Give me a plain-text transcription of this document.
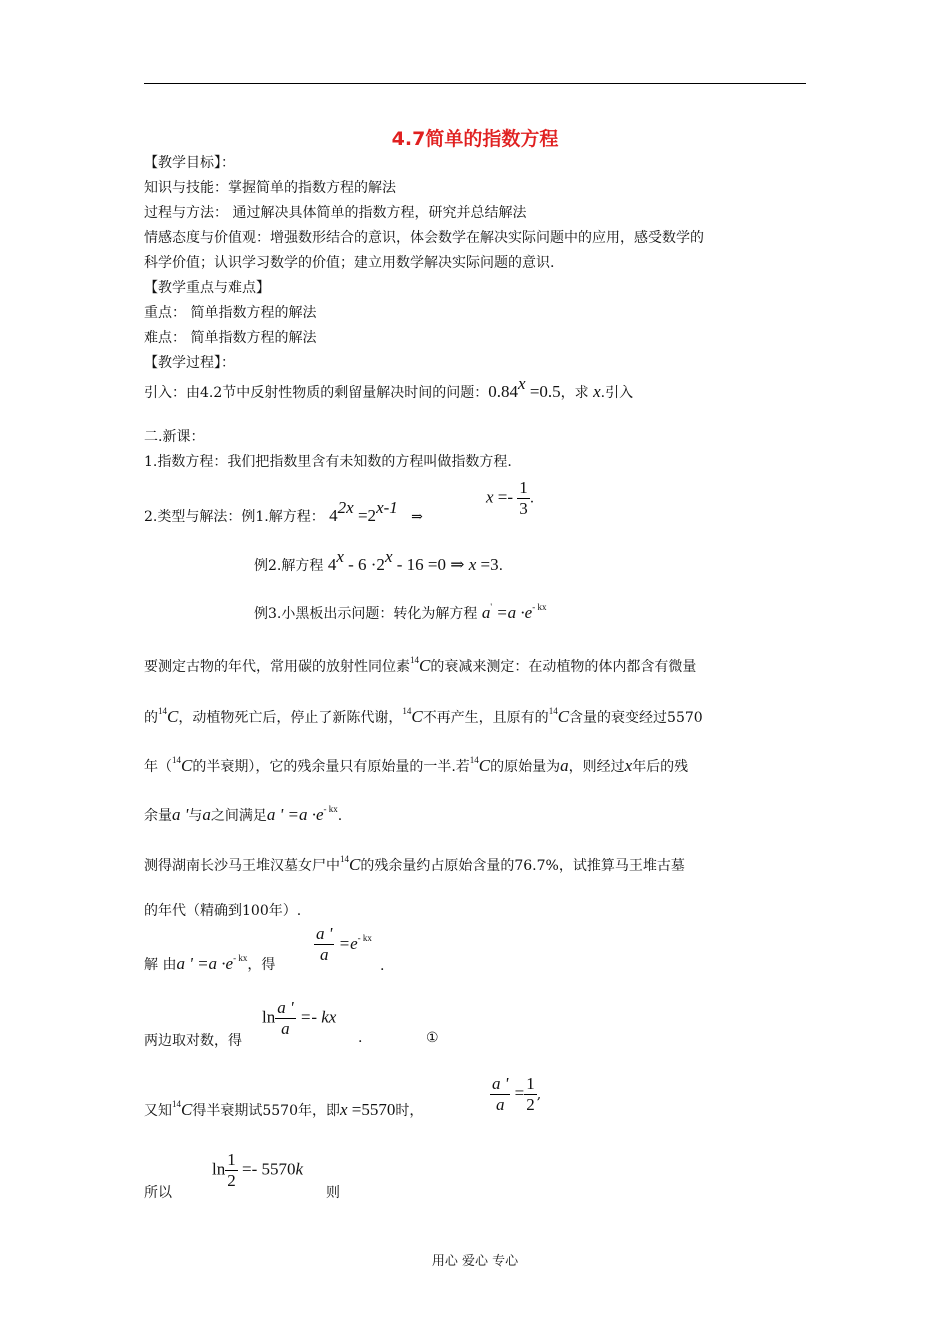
4.7简单的指数方程
【教学目标】：
知识与技能：掌握简单的指数方程的解法
过程与方法： 通过解决具体简单的指数方程，研究并总结解法
情感态度与价值观：增强数形结合的意识，体会数学在解决实际问题中的应用，感受数学的
科学价值；认识学习数学的价值；建立用数学解决实际问题的意识.
【教学重点与难点】
重点： 简单指数方程的解法
难点： 简单指数方程的解法
【教学过程】：
引入：由4.2节中反射性物质的剩留量解决时间的问题：$0.84^x =0.5$，求 x.引入
二.新课：
1.指数方程：我们把指数里含有未知数的方程叫做指数方程.
2.类型与解法：例1.解方程： $4^{2x} =2^{x-1}$   ⇒
$x =- \frac{1}{3}$ .
例2.解方程 $4^x - 6 \cdot 2^x - 16 =0$ ⇒ x =3.
例3.小黑板出示问题：转化为解方程 $a' =a \cdot e^{- kx}$
要测定古物的年代，常用碳的放射性同位素$^{14}$C的衰减来测定：在动植物的体内都含有微量
的$^{14}$C，动植物死亡后，停止了新陈代谢，$^{14}$C不再产生，且原有的$^{14}$C含量的衰变经过5570
年（$^{14}$C的半衰期），它的残余量只有原始量的一半.若$^{14}$C的原始量为a，则经过x年后的残
余量a '与a之间满足a ' $=a \cdot e^{- kx}$.
测得湖南长沙马王堆汉墓女尸中$^{14}$C的残余量约占原始含量的76.7%，试推算马王堆古墓
的年代（精确到100年）.
解 由a ' $=a \cdot e^{- kx}$，得 $\frac{a '}{a} =e^{- kx}$
.
两边取对数，得
$\ln \frac{a '}{a}$ =- kx
.	①
又知$^{14}$C得半衰期试5570年，即x =5570时，	$\frac{a '}{a} = \frac{1}{2}$ ,
所以
$\ln \frac{1}{2} =- 5570k$
则
用心 爱心 专心
